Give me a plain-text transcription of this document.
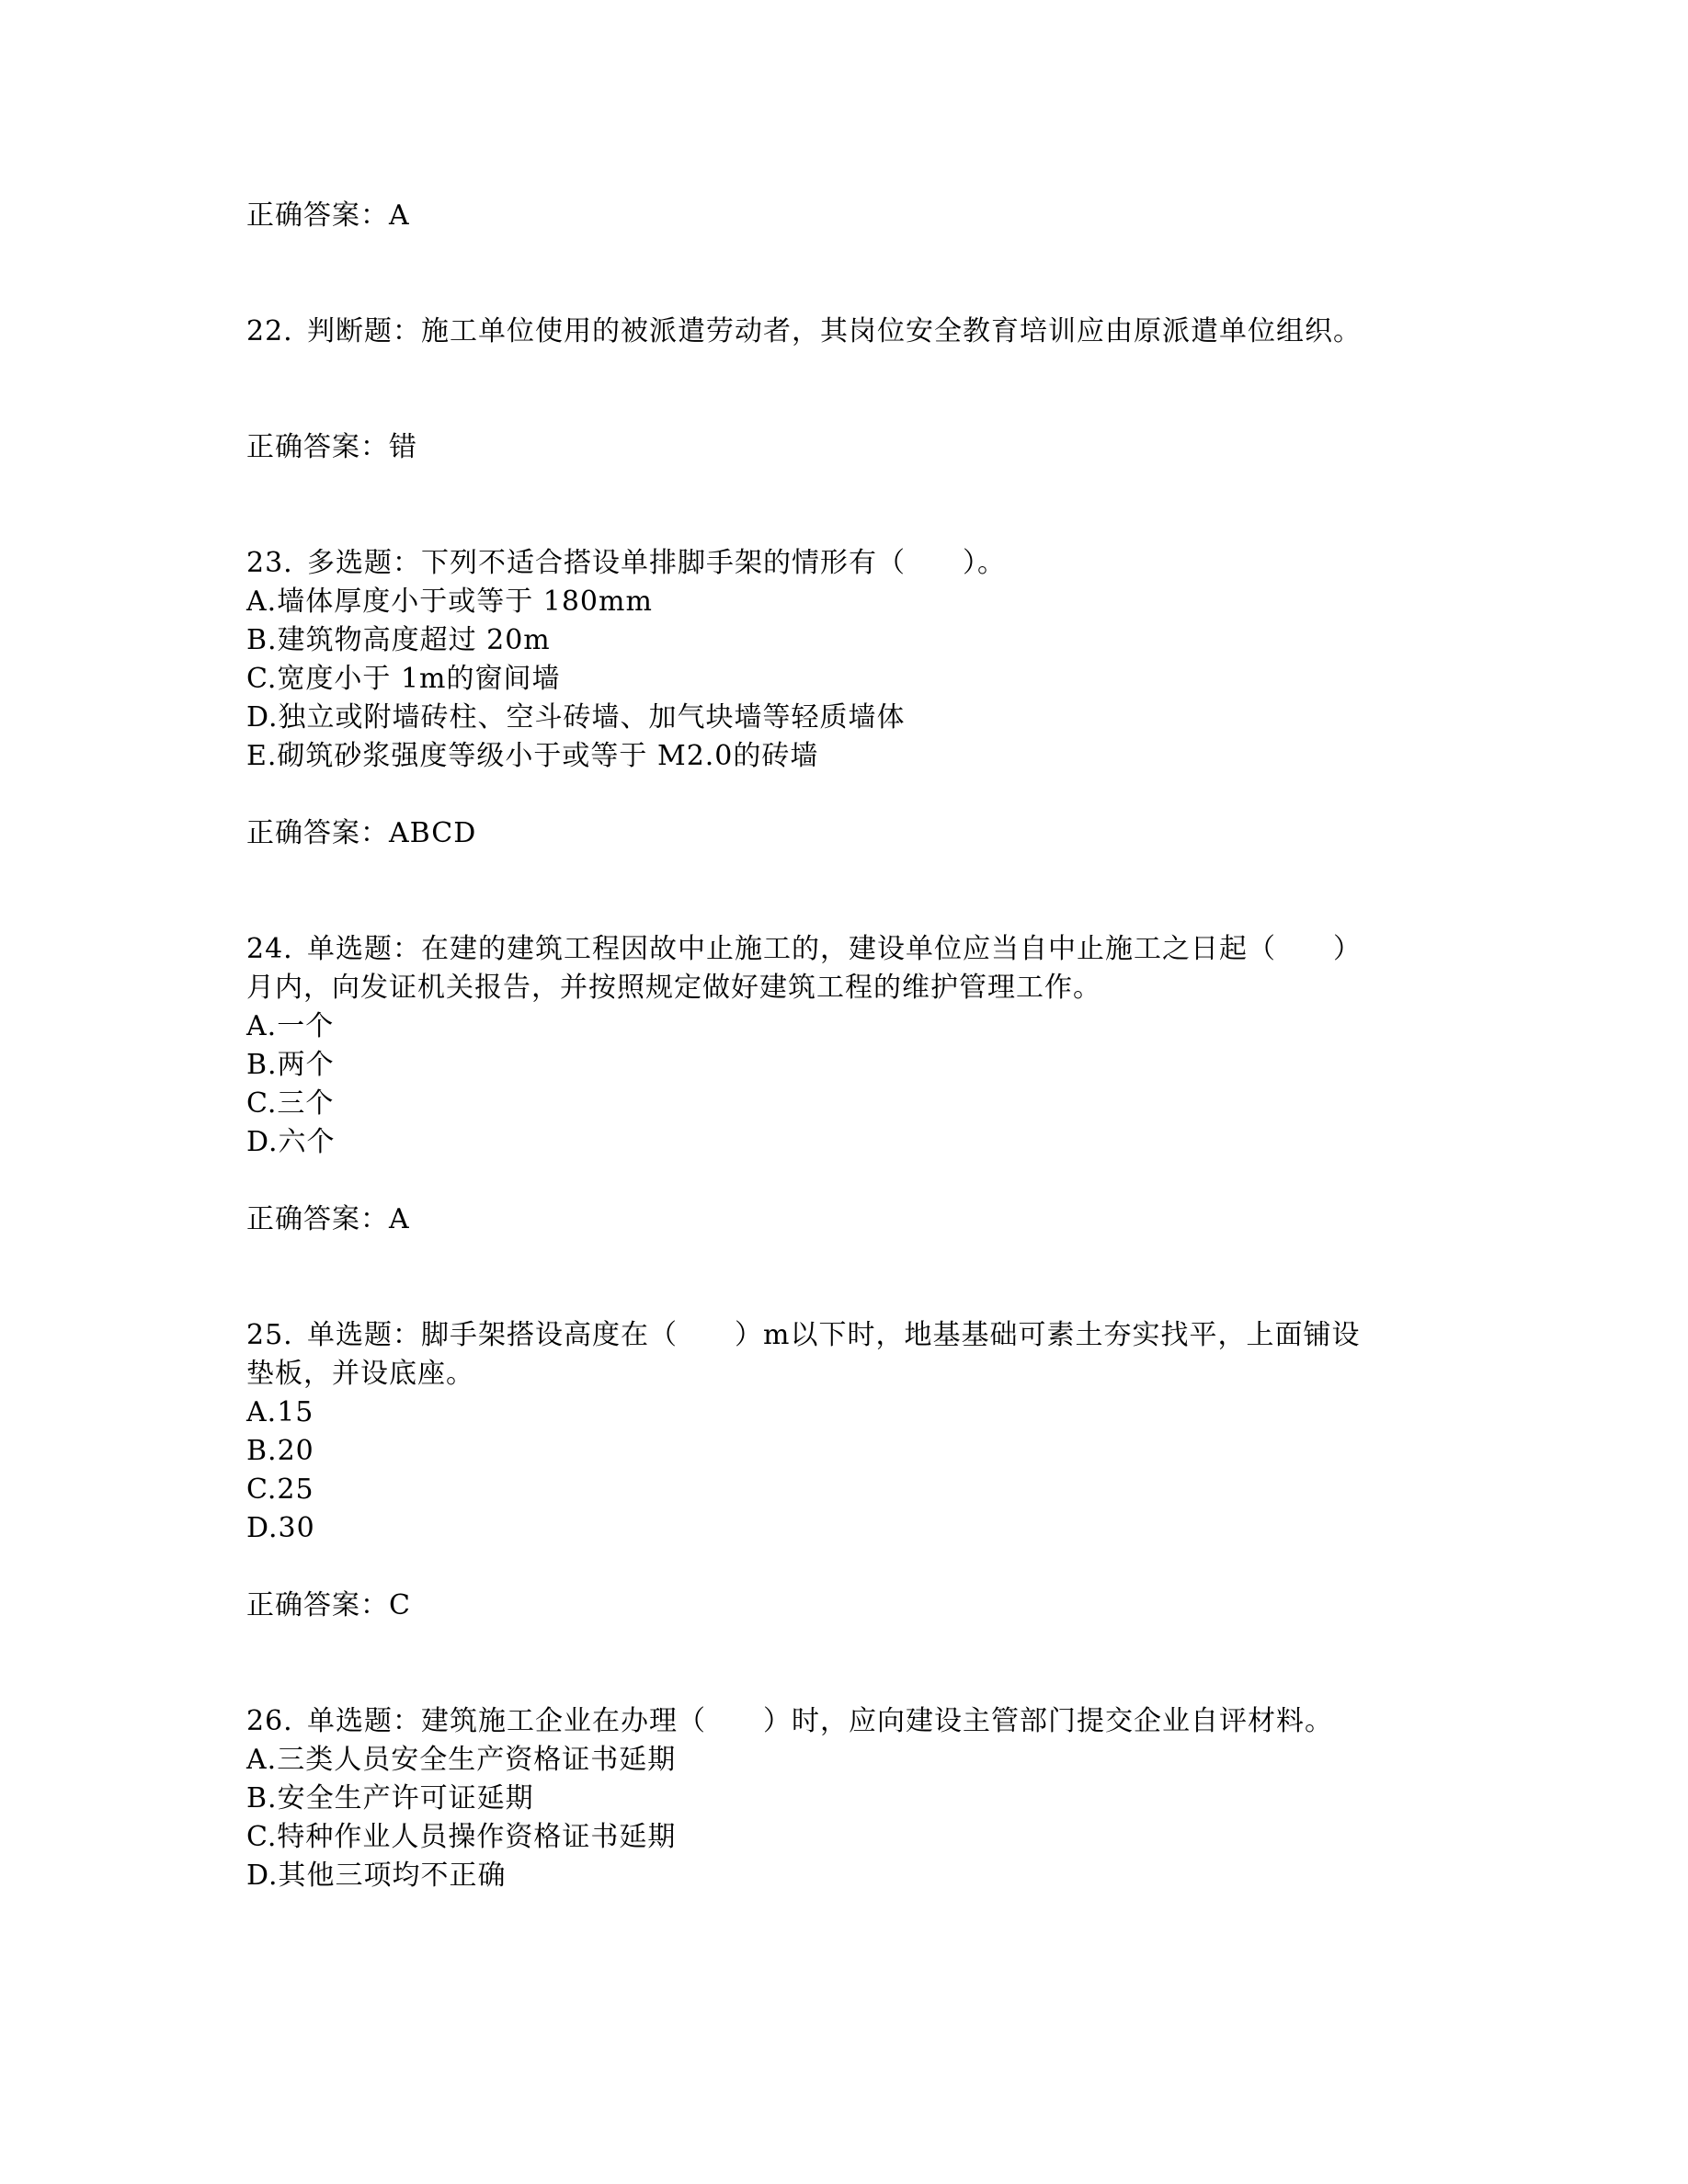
正确答案：A
22. 判断题：施工单位使用的被派遣劳动者，其岗位安全教育培训应由原派遣单位组织。
正确答案：错
23. 多选题：下列不适合搭设单排脚手架的情形有（　　）。
A.墙体厚度小于或等于 180mm
B.建筑物高度超过 20m
C.宽度小于 1m的窗间墙
D.独立或附墙砖柱、空斗砖墙、加气块墙等轻质墙体
E.砌筑砂浆强度等级小于或等于 M2.0的砖墙
正确答案：ABCD
24. 单选题：在建的建筑工程因故中止施工的，建设单位应当自中止施工之日起（　　）
月内，向发证机关报告，并按照规定做好建筑工程的维护管理工作。
A.一个
B.两个
C.三个
D.六个
正确答案：A
25. 单选题：脚手架搭设高度在（　　）m以下时，地基基础可素土夯实找平，上面铺设
垫板，并设底座。
A.15
B.20
C.25
D.30
正确答案：C
26. 单选题：建筑施工企业在办理（　　）时，应向建设主管部门提交企业自评材料。
A.三类人员安全生产资格证书延期
B.安全生产许可证延期
C.特种作业人员操作资格证书延期
D.其他三项均不正确
